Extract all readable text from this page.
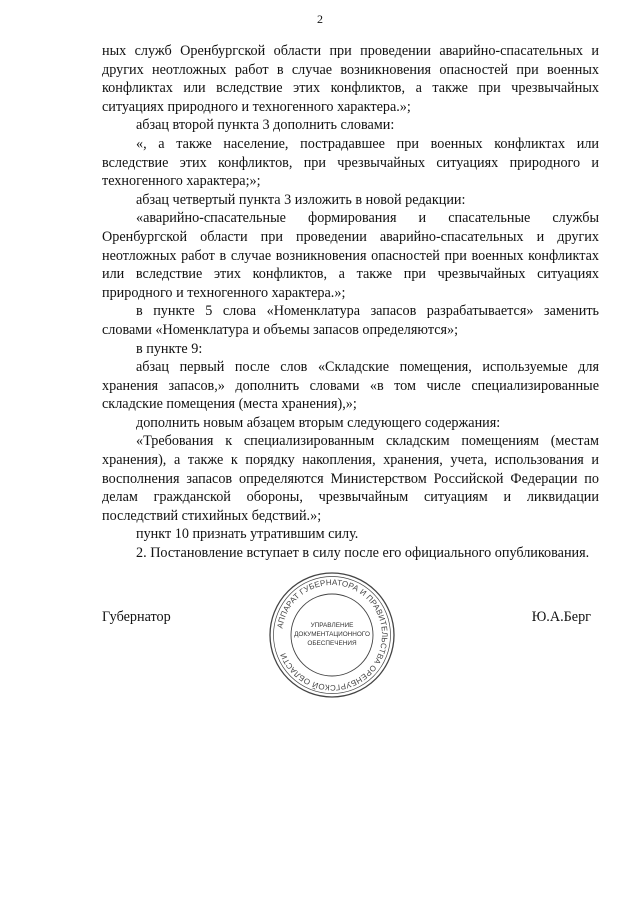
2

ных служб Оренбургской области при проведении аварийно-спасательных и других неотложных работ в случае возникновения опасностей при военных конфликтах или вследствие этих конфликтов, а также при чрезвычайных ситуациях природного и техногенного характера.»;

абзац второй пункта 3 дополнить словами:

«, а также население, пострадавшее при военных конфликтах или вследствие этих конфликтов, при чрезвычайных ситуациях природного и техногенного характера;»;

абзац четвертый пункта 3 изложить в новой редакции:

«аварийно-спасательные формирования и спасательные службы Оренбургской области при проведении аварийно-спасательных и других неотложных работ в случае возникновения опасностей при военных конфликтах или вследствие этих конфликтов, а также при чрезвычайных ситуациях природного и техногенного характера.»;

в пункте 5 слова «Номенклатура запасов разрабатывается» заменить словами «Номенклатура и объемы запасов определяются»;

в пункте 9:

абзац первый после слов «Складские помещения, используемые для хранения запасов,» дополнить словами «в том числе специализированные складские помещения (места хранения),»;

дополнить новым абзацем вторым следующего содержания:

«Требования к специализированным складским помещениям (местам хранения), а также к порядку накопления, хранения, учета, использования и восполнения запасов определяются Министерством Российской Федерации по делам гражданской обороны, чрезвычайным ситуациям и ликвидации последствий стихийных бедствий.»;

пункт 10 признать утратившим силу.

2. Постановление вступает в силу после его официального опубликования.

Губернатор	Ю.А.Берг
АППАРАТ ГУБЕРНАТОРА И ПРАВИТЕЛЬСТВА ОРЕНБУРГСКОЙ ОБЛАСТИ
УПРАВЛЕНИЕ
ДОКУМЕНТАЦИОННОГО
ОБЕСПЕЧЕНИЯ
